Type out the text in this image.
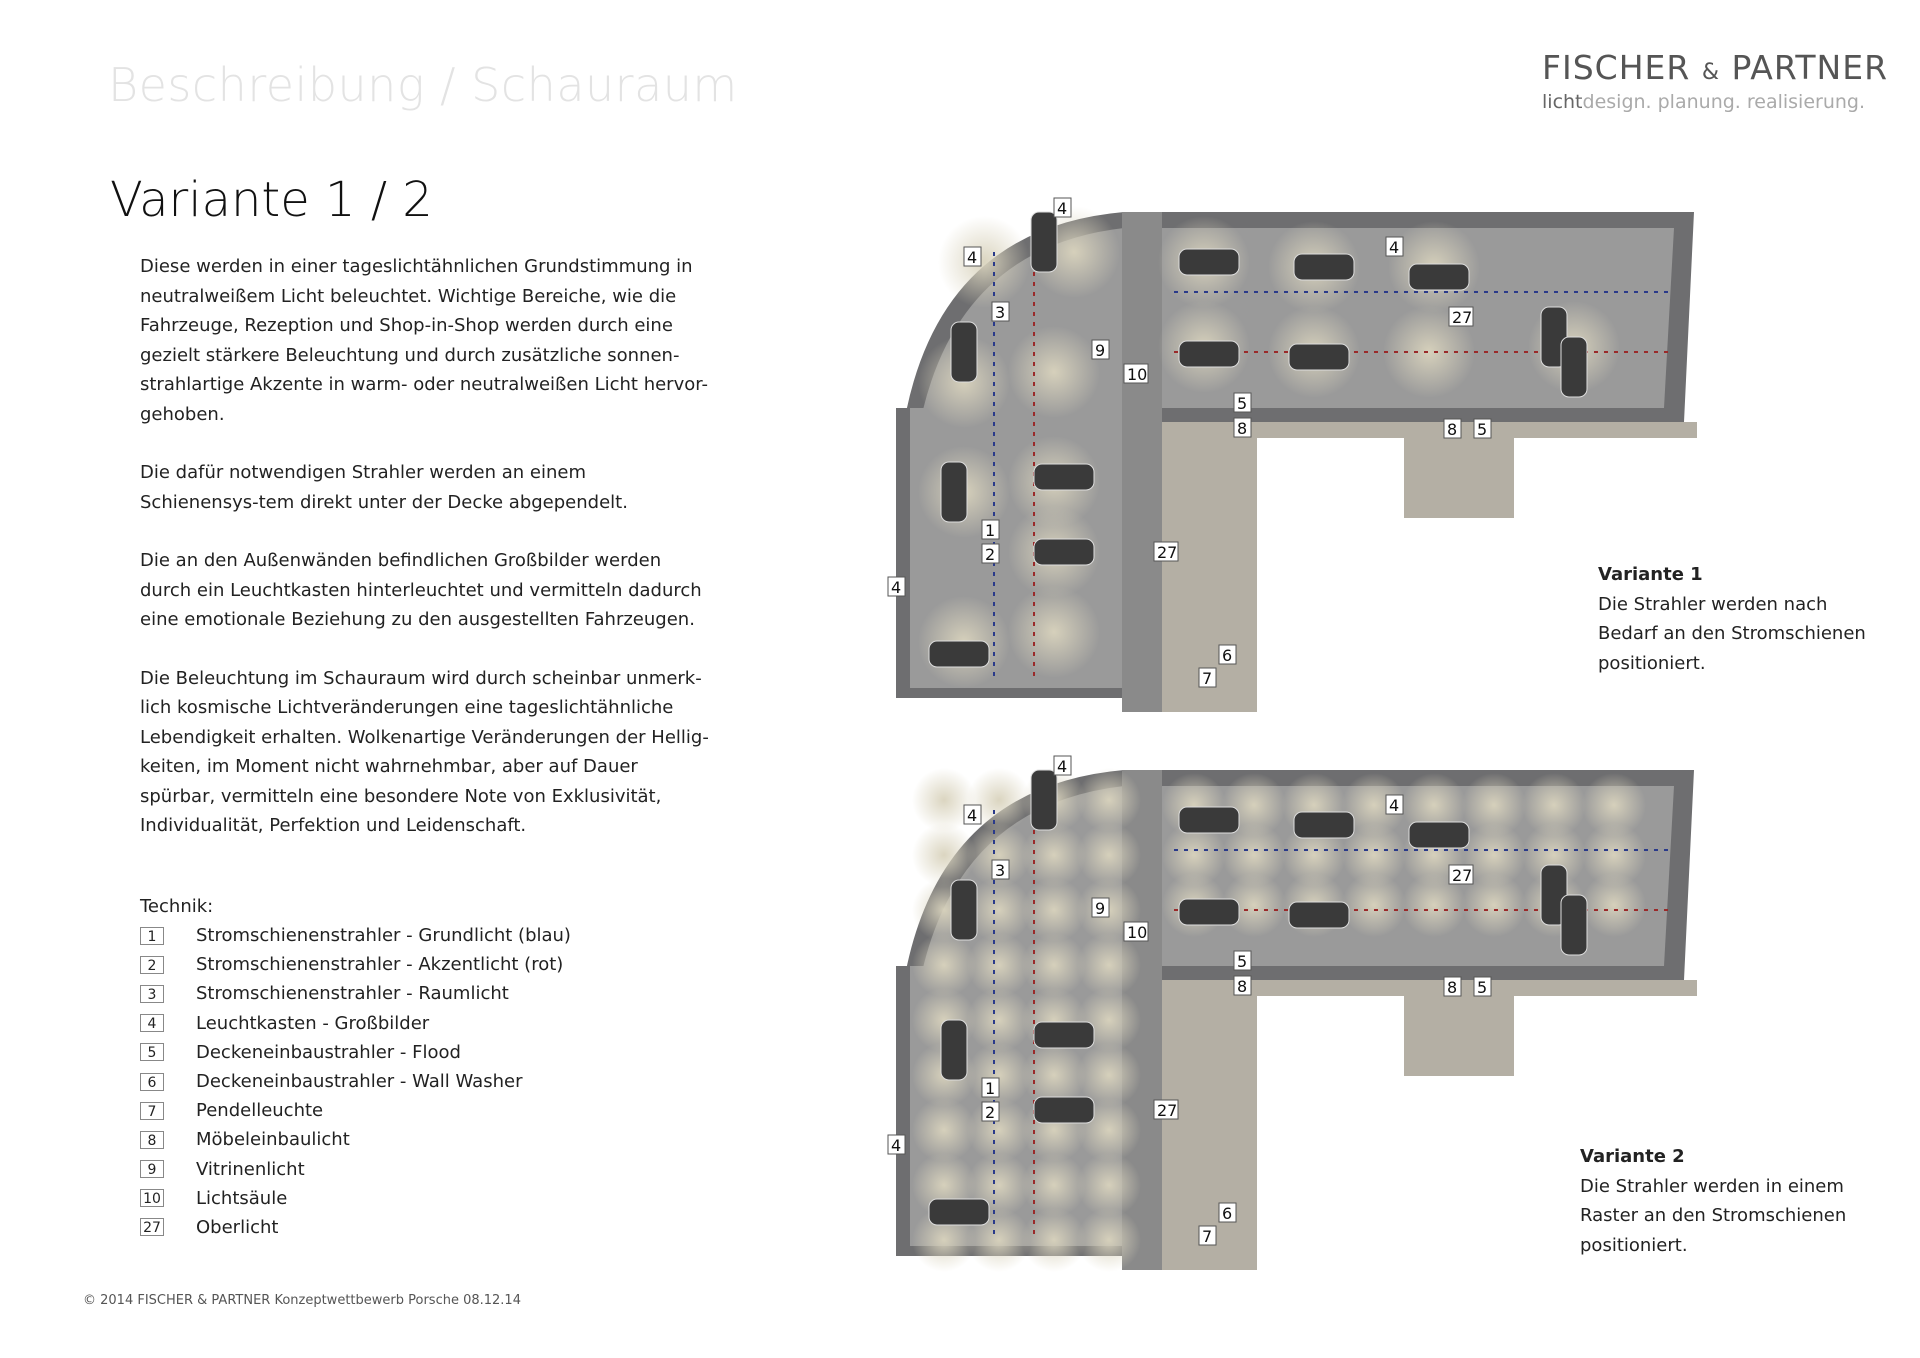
Beschreibung / Schauraum	FISCHER & PARTNER
lichtdesign. planung. realisierung.
Variante 1 / 2

Diese werden in einer tageslichtähnlichen Grundstimmung in neutralweißem Licht beleuchtet. Wichtige Bereiche, wie die Fahrzeuge, Rezeption und Shop-in-Shop werden durch eine gezielt stärkere Beleuchtung und durch zusätzliche sonnen-strahlartige Akzente in warm- oder neutralweißen Licht hervor-gehoben.

Die dafür notwendigen Strahler werden an einem Schienensys-tem direkt unter der Decke abgependelt.

Die an den Außenwänden befindlichen Großbilder werden durch ein Leuchtkasten hinterleuchtet und vermitteln dadurch eine emotionale Beziehung zu den ausgestellten Fahrzeugen.

Die Beleuchtung im Schauraum wird durch scheinbar unmerk-lich kosmische Lichtveränderungen eine tageslichtähnliche Lebendigkeit erhalten. Wolkenartige Veränderungen der Hellig-keiten, im Moment nicht wahrnehmbar, aber auf Dauer spürbar, vermitteln eine besondere Note von Exklusivität, Individualität, Perfektion und Leidenschaft.

Technik:
1	Stromschienenstrahler - Grundlicht (blau)
2	Stromschienenstrahler - Akzentlicht (rot)
3	Stromschienenstrahler - Raumlicht
4	Leuchtkasten - Großbilder
5	Deckeneinbaustrahler - Flood
6	Deckeneinbaustrahler - Wall Washer
7	Pendelleuchte
8	Möbeleinbaulicht
9	Vitrinenlicht
10 Lichtsäule
27 Oberlicht
4
4
4
4
3
1
2
9
10
27
27
5
8	8 5
6
7
4
4
4
4
3
1
2
9
10
27
27
5
8	8 5
6
7
Variante 1
Die Strahler werden nach
Bedarf an den Stromschienen
positioniert.
Variante 2
Die Strahler werden in einem
Raster an den Stromschienen
positioniert.
© 2014 FISCHER & PARTNER Konzeptwettbewerb Porsche 08.12.14
